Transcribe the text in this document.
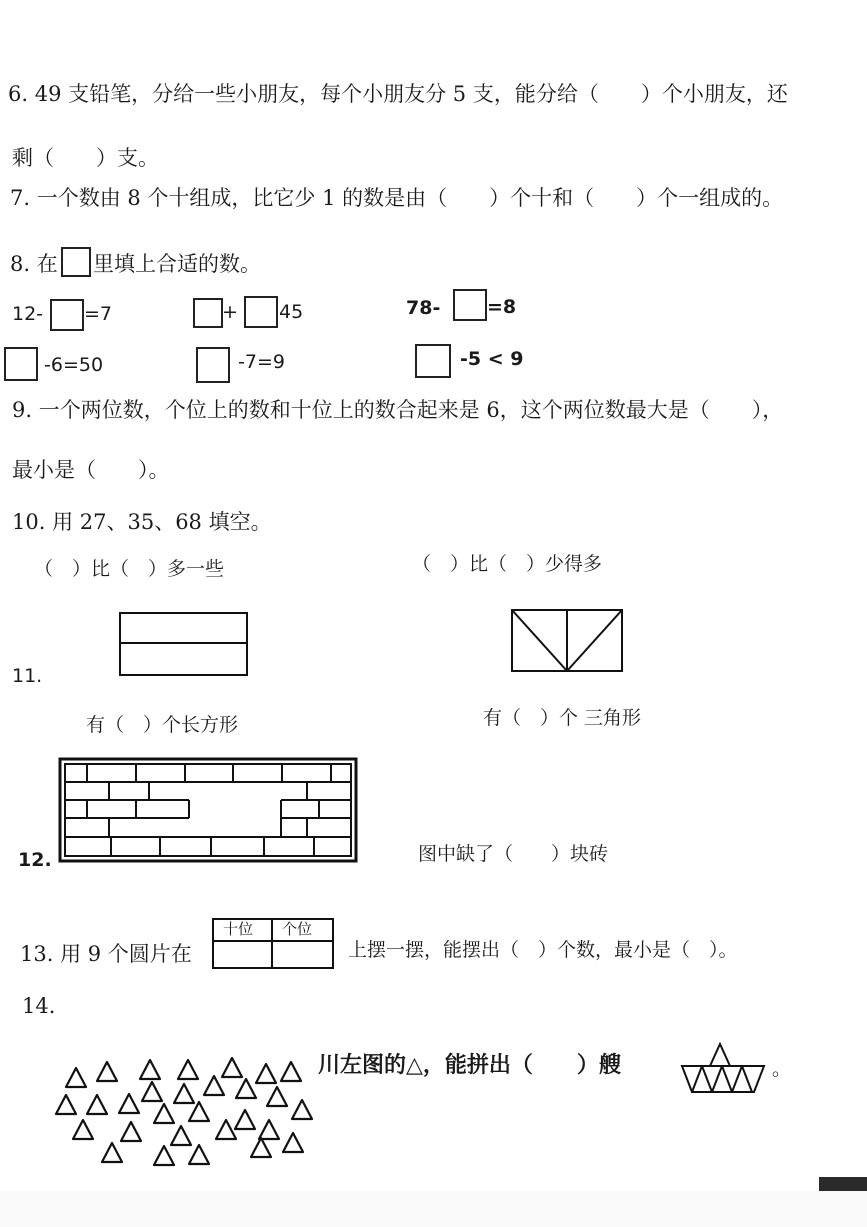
6. 49 支铅笔，分给一些小朋友，每个小朋友分 5 支，能分给（　　）个小朋友，还
剩（　　）支。
7. 一个数由 8 个十组成，比它少 1 的数是由（　　）个十和（　　）个一组成的。
8. 在 里填上合适的数。
12- =7	+ 45	78- =8
-6=50	-7=9	-5 < 9
9. 一个两位数，个位上的数和十位上的数合起来是 6，这个两位数最大是（　　），
最小是（　　）。
10. 用 27、35、68 填空。
（　）比（　）多一些	（　）比（　）少得多
11.
有（　）个长方形	有（　）个 三角形
12.	图中缺了（　　）块砖
13. 用 9 个圆片在
十位 个位
上摆一摆，能摆出（　）个数，最小是（　）。
14.
川左图的△，能拼出（　　）艘	。
